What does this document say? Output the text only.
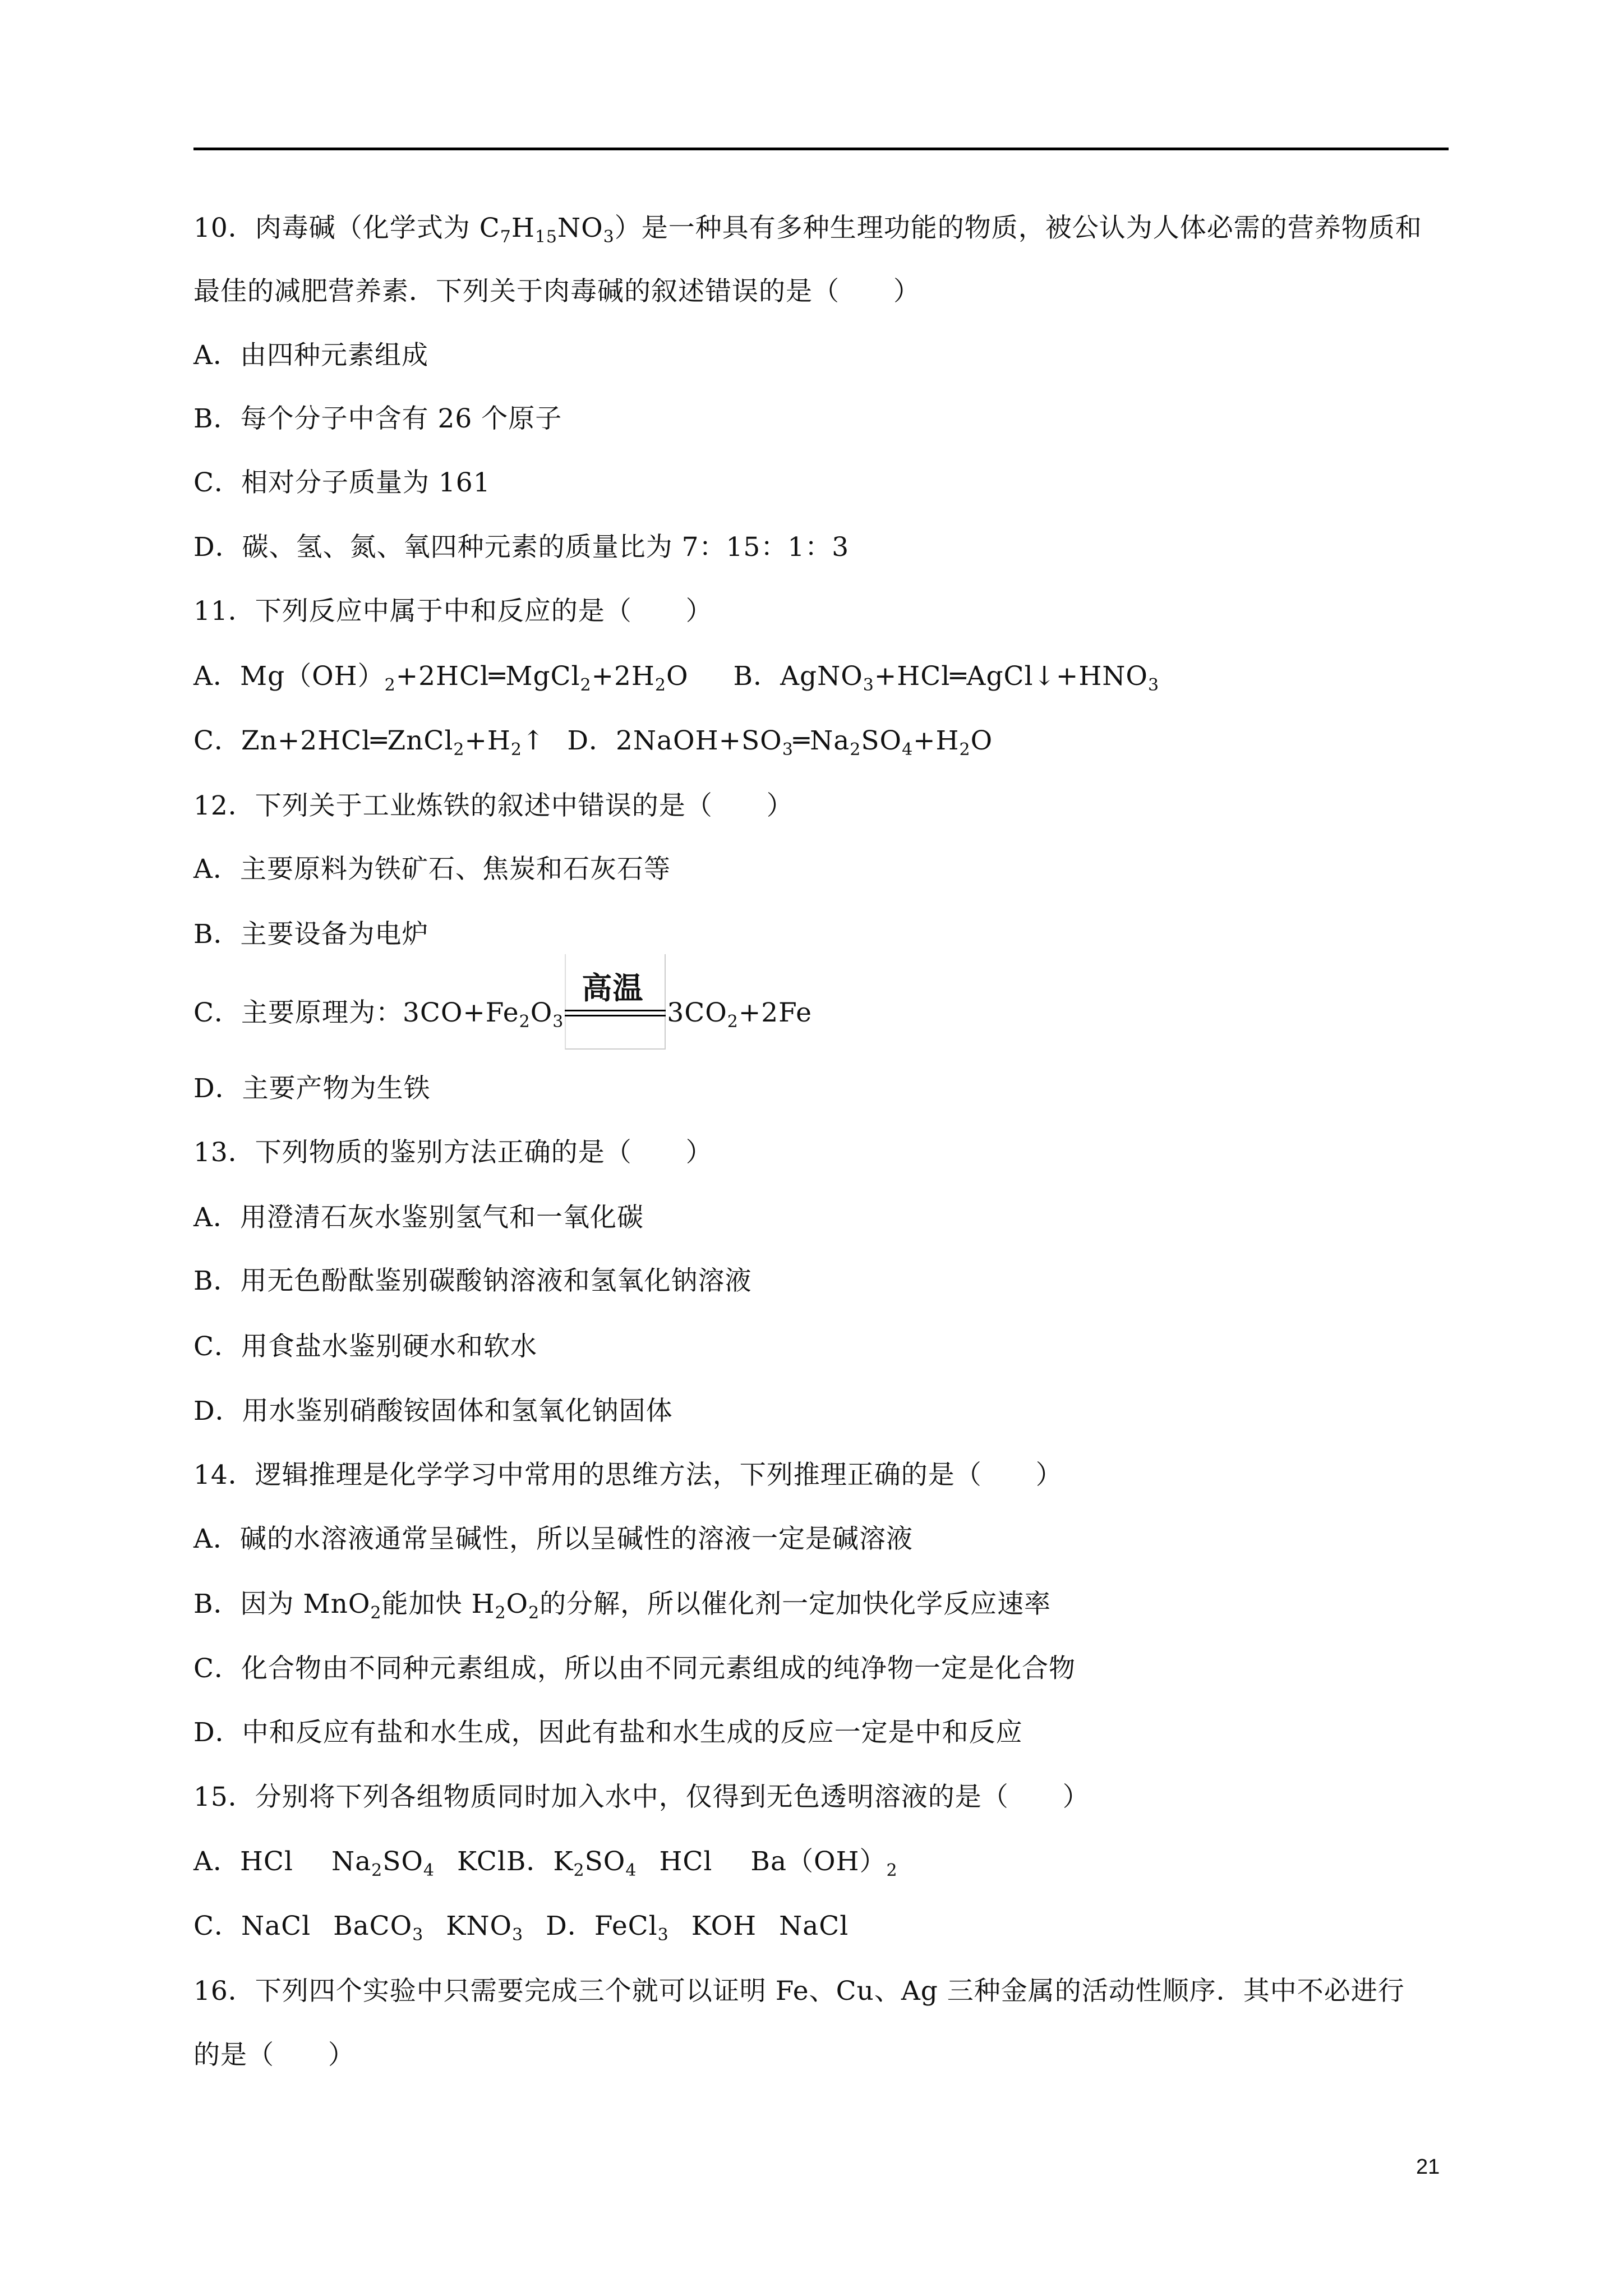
10．肉毒碱（化学式为 $C_7H_{15}NO_3$）是一种具有多种生理功能的物质，被公认为人体必需的营养物质和
最佳的减肥营养素．下列关于肉毒碱的叙述错误的是（　　）
A．由四种元素组成
B．每个分子中含有 26 个原子
C．相对分子质量为 161
D．碳、氢、氮、氧四种元素的质量比为 7：15：1：3
11．下列反应中属于中和反应的是（　　）
A．$Mg(OH)_2+2HCl═MgCl_2+2H_2O$ B．$AgNO_3+HCl═AgCl↓+HNO_3$
C．$Zn+2HCl═ZnCl_2+H_2↑$ D．$2NaOH+SO_3═Na_2SO_4+H_2O$
12．下列关于工业炼铁的叙述中错误的是（　　）
A．主要原料为铁矿石、焦炭和石灰石等
B．主要设备为电炉
C．主要原理为：$3CO+Fe_2O_3$
高温
$3CO_2+2Fe$
D．主要产物为生铁
13．下列物质的鉴别方法正确的是（　　）
A．用澄清石灰水鉴别氢气和一氧化碳
B．用无色酚酞鉴别碳酸钠溶液和氢氧化钠溶液
C．用食盐水鉴别硬水和软水
D．用水鉴别硝酸铵固体和氢氧化钠固体
14．逻辑推理是化学学习中常用的思维方法，下列推理正确的是（　　）
A．碱的水溶液通常呈碱性，所以呈碱性的溶液一定是碱溶液
B．因为 MnO$_2$能加快 $H_2O_2$的分解，所以催化剂一定加快化学反应速率
C．化合物由不同种元素组成，所以由不同元素组成的纯净物一定是化合物
D．中和反应有盐和水生成，因此有盐和水生成的反应一定是中和反应
15．分别将下列各组物质同时加入水中，仅得到无色透明溶液的是（　　）
A．HCl $Na_2SO_4$ KClB．$K_2SO_4$ HCl $Ba(OH)_2$
C．NaCl BaCO$_3$ $KNO_3$ D．FeCl$_3$ KOH NaCl
16．下列四个实验中只需要完成三个就可以证明 Fe、Cu、Ag 三种金属的活动性顺序．其中不必进行
的是（　　）
21
